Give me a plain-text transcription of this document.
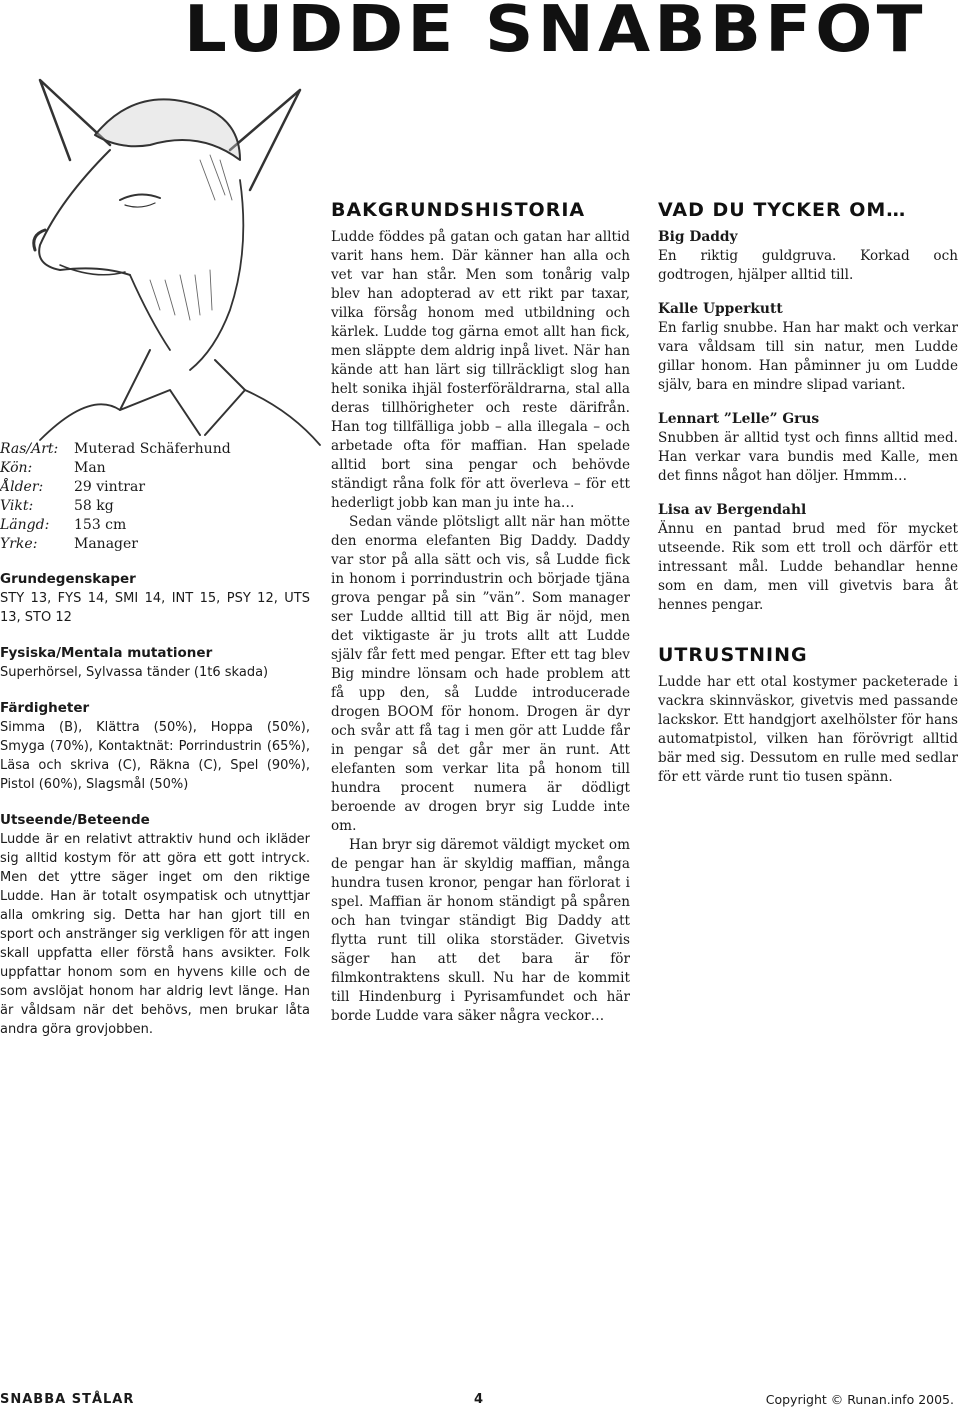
LUDDE SNABBFOT
Ras/Art:	Muterad Schäferhund
Kön:	Man
Ålder:	29 vintrar
Vikt:	58 kg
Längd:	153 cm
Yrke:	Manager
Grundegenskaper
STY 13, FYS 14, SMI 14, INT 15, PSY 12, UTS 13, STO 12
Fysiska/Mentala mutationer
Superhörsel, Sylvassa tänder (1t6 skada)
Färdigheter
Simma (B), Klättra (50%), Hoppa (50%), Smyga (70%), Kontaktnät: Porrindustrin (65%), Läsa och skriva (C), Räkna (C), Spel (90%), Pistol (60%), Slagsmål (50%)
Utseende/Beteende
Ludde är en relativt attraktiv hund och ikläder sig alltid kostym för att göra ett gott intryck. Men det yttre säger inget om den riktige Ludde. Han är totalt osympatisk och utnyttjar alla omkring sig. Detta har han gjort till en sport och anstränger sig verkligen för att ingen skall uppfatta eller förstå hans avsikter. Folk uppfattar honom som en hyvens kille och de som avslöjat honom har aldrig levt länge. Han är våldsam när det behövs, men brukar låta andra göra grovjobben.
BAKGRUNDSHISTORIA

Ludde föddes på gatan och gatan har alltid varit hans hem. Där känner han alla och vet var han står. Men som tonårig valp blev han adopterad av ett rikt par taxar, vilka försåg honom med utbildning och kärlek. Ludde tog gärna emot allt han fick, men släppte dem aldrig inpå livet. När han kände att han lärt sig tillräckligt slog han helt sonika ihjäl fosterföräldrarna, stal alla deras tillhörigheter och reste därifrån. Han tog tillfälliga jobb – alla illegala – och arbetade ofta för maffian. Han spelade alltid bort sina pengar och behövde ständigt råna folk för att överleva – för ett hederligt jobb kan man ju inte ha…

Sedan vände plötsligt allt när han mötte den enorma elefanten Big Daddy. Daddy var stor på alla sätt och vis, så Ludde fick in honom i porrindustrin och började tjäna grova pengar på sin ”vän”. Som manager ser Ludde alltid till att Big är nöjd, men det viktigaste är ju trots allt att Ludde själv får fett med pengar. Efter ett tag blev Big mindre lönsam och hade problem att få upp den, så Ludde introducerade drogen BOOM för honom. Drogen är dyr och svår att få tag i men gör att Ludde får in pengar så det går mer än runt. Att elefanten som verkar lita på honom till hundra procent numera är dödligt beroende av drogen bryr sig Ludde inte om.

Han bryr sig däremot väldigt mycket om de pengar han är skyldig maffian, många hundra tusen kronor, pengar han förlorat i spel. Maffian är honom ständigt på spåren och han tvingar ständigt Big Daddy att flytta runt till olika storstäder. Givetvis säger han att det bara är för filmkontraktens skull. Nu har de kommit till Hindenburg i Pyrisamfundet och här borde Ludde vara säker några veckor…

VAD DU TYCKER OM…
Big Daddy
En riktig guldgruva. Korkad och godtrogen, hjälper alltid till.
Kalle Upperkutt
En farlig snubbe. Han har makt och verkar vara våldsam till sin natur, men Ludde gillar honom. Han påminner ju om Ludde själv, bara en mindre slipad variant.
Lennart ”Lelle” Grus
Snubben är alltid tyst och finns alltid med. Han verkar vara bundis med Kalle, men det finns något han döljer. Hmmm…
Lisa av Bergendahl
Ännu en pantad brud med för mycket utseende. Rik som ett troll och därför ett intressant mål. Ludde behandlar henne som en dam, men vill givetvis bara åt hennes pengar.
UTRUSTNING

Ludde har ett otal kostymer packeterade i vackra skinnväskor, givetvis med passande lackskor. Ett handgjort axelhölster för hans automatpistol, vilken han förövrigt alltid bär med sig. Dessutom en rulle med sedlar för ett värde runt tio tusen spänn.

SNABBA STÅLAR	4	Copyright © Runan.info 2005.
